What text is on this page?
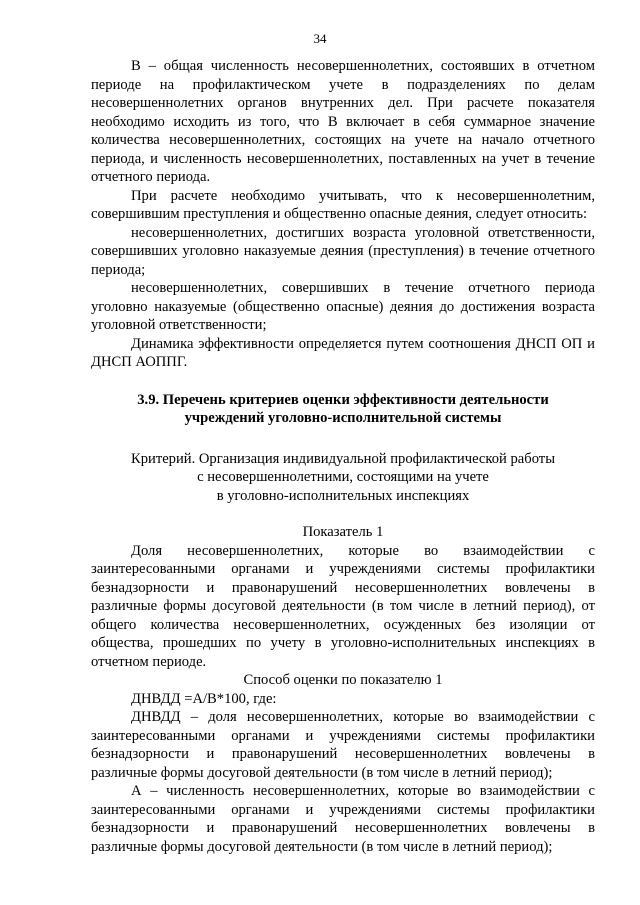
34

В – общая численность несовершеннолетних, состоявших в отчетном периоде на профилактическом учете в подразделениях по делам несовершеннолетних органов внутренних дел. При расчете показателя необходимо исходить из того, что В включает в себя суммарное значение количества несовершеннолетних, состоящих на учете на начало отчетного периода, и численность несовершеннолетних, поставленных на учет в течение отчетного периода.

При расчете необходимо учитывать, что к несовершеннолетним, совершившим преступления и общественно опасные деяния, следует относить:

несовершеннолетних, достигших возраста уголовной ответственности, совершивших уголовно наказуемые деяния (преступления) в течение отчетного периода;

несовершеннолетних, совершивших в течение отчетного периода уголовно наказуемые (общественно опасные) деяния до достижения возраста уголовной ответственности;

Динамика эффективности определяется путем соотношения ДНСП ОП и ДНСП АОППГ.

3.9. Перечень критериев оценки эффективности деятельности

учреждений уголовно-исполнительной системы

Критерий. Организация индивидуальной профилактической работы

с несовершеннолетними, состоящими на учете

в уголовно-исполнительных инспекциях

Показатель 1

Доля несовершеннолетних, которые во взаимодействии с заинтересованными органами и учреждениями системы профилактики безнадзорности и правонарушений несовершеннолетних вовлечены в различные формы досуговой деятельности (в том числе в летний период), от общего количества несовершеннолетних, осужденных без изоляции от общества, прошедших по учету в уголовно-исполнительных инспекциях в отчетном периоде.

Способ оценки по показателю 1

ДНВДД =А/В*100, где:

ДНВДД – доля несовершеннолетних, которые во взаимодействии с заинтересованными органами и учреждениями системы профилактики безнадзорности и правонарушений несовершеннолетних вовлечены в различные формы досуговой деятельности (в том числе в летний период);

А – численность несовершеннолетних, которые во взаимодействии с заинтересованными органами и учреждениями системы профилактики безнадзорности и правонарушений несовершеннолетних вовлечены в различные формы досуговой деятельности (в том числе в летний период);
